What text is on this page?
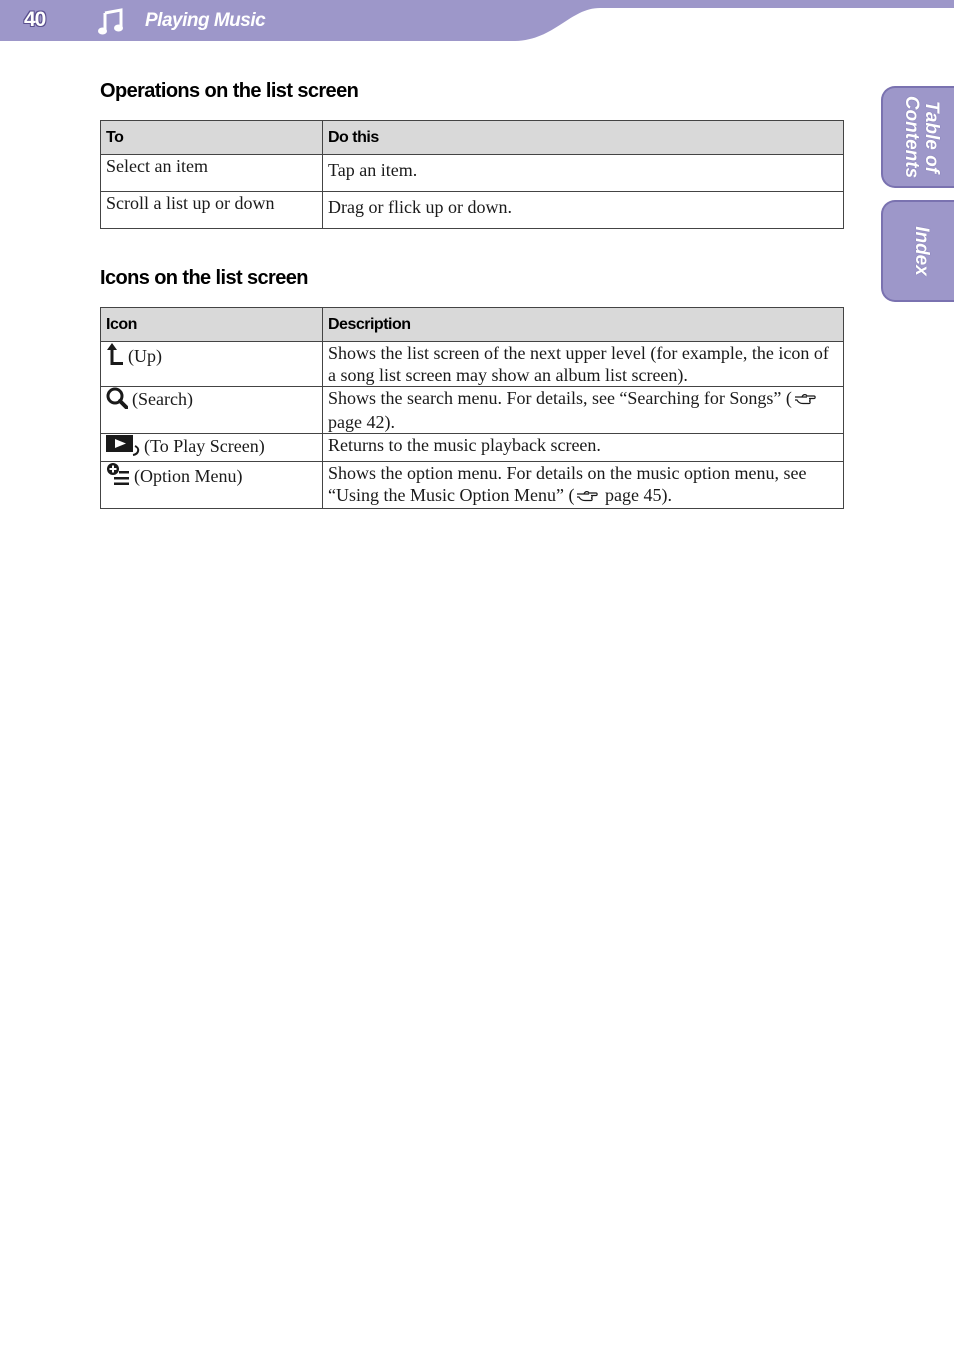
40	Playing Music
Table of
Contents
Index
Operations on the list screen
To	Do this
Select an item	Tap an item.
Scroll a list up or down	Drag or flick up or down.
Icons on the list screen
Icon	Description
(Up)	Shows the list screen of the next upper level (for example, the icon of a song list screen may show an album list screen).
(Search)	Shows the search menu. For details, see “Searching for Songs” ( page 42).
(To Play Screen)	Returns to the music playback screen.
(Option Menu)	Shows the option menu. For details on the music option menu, see “Using the Music Option Menu” ( page 45).
